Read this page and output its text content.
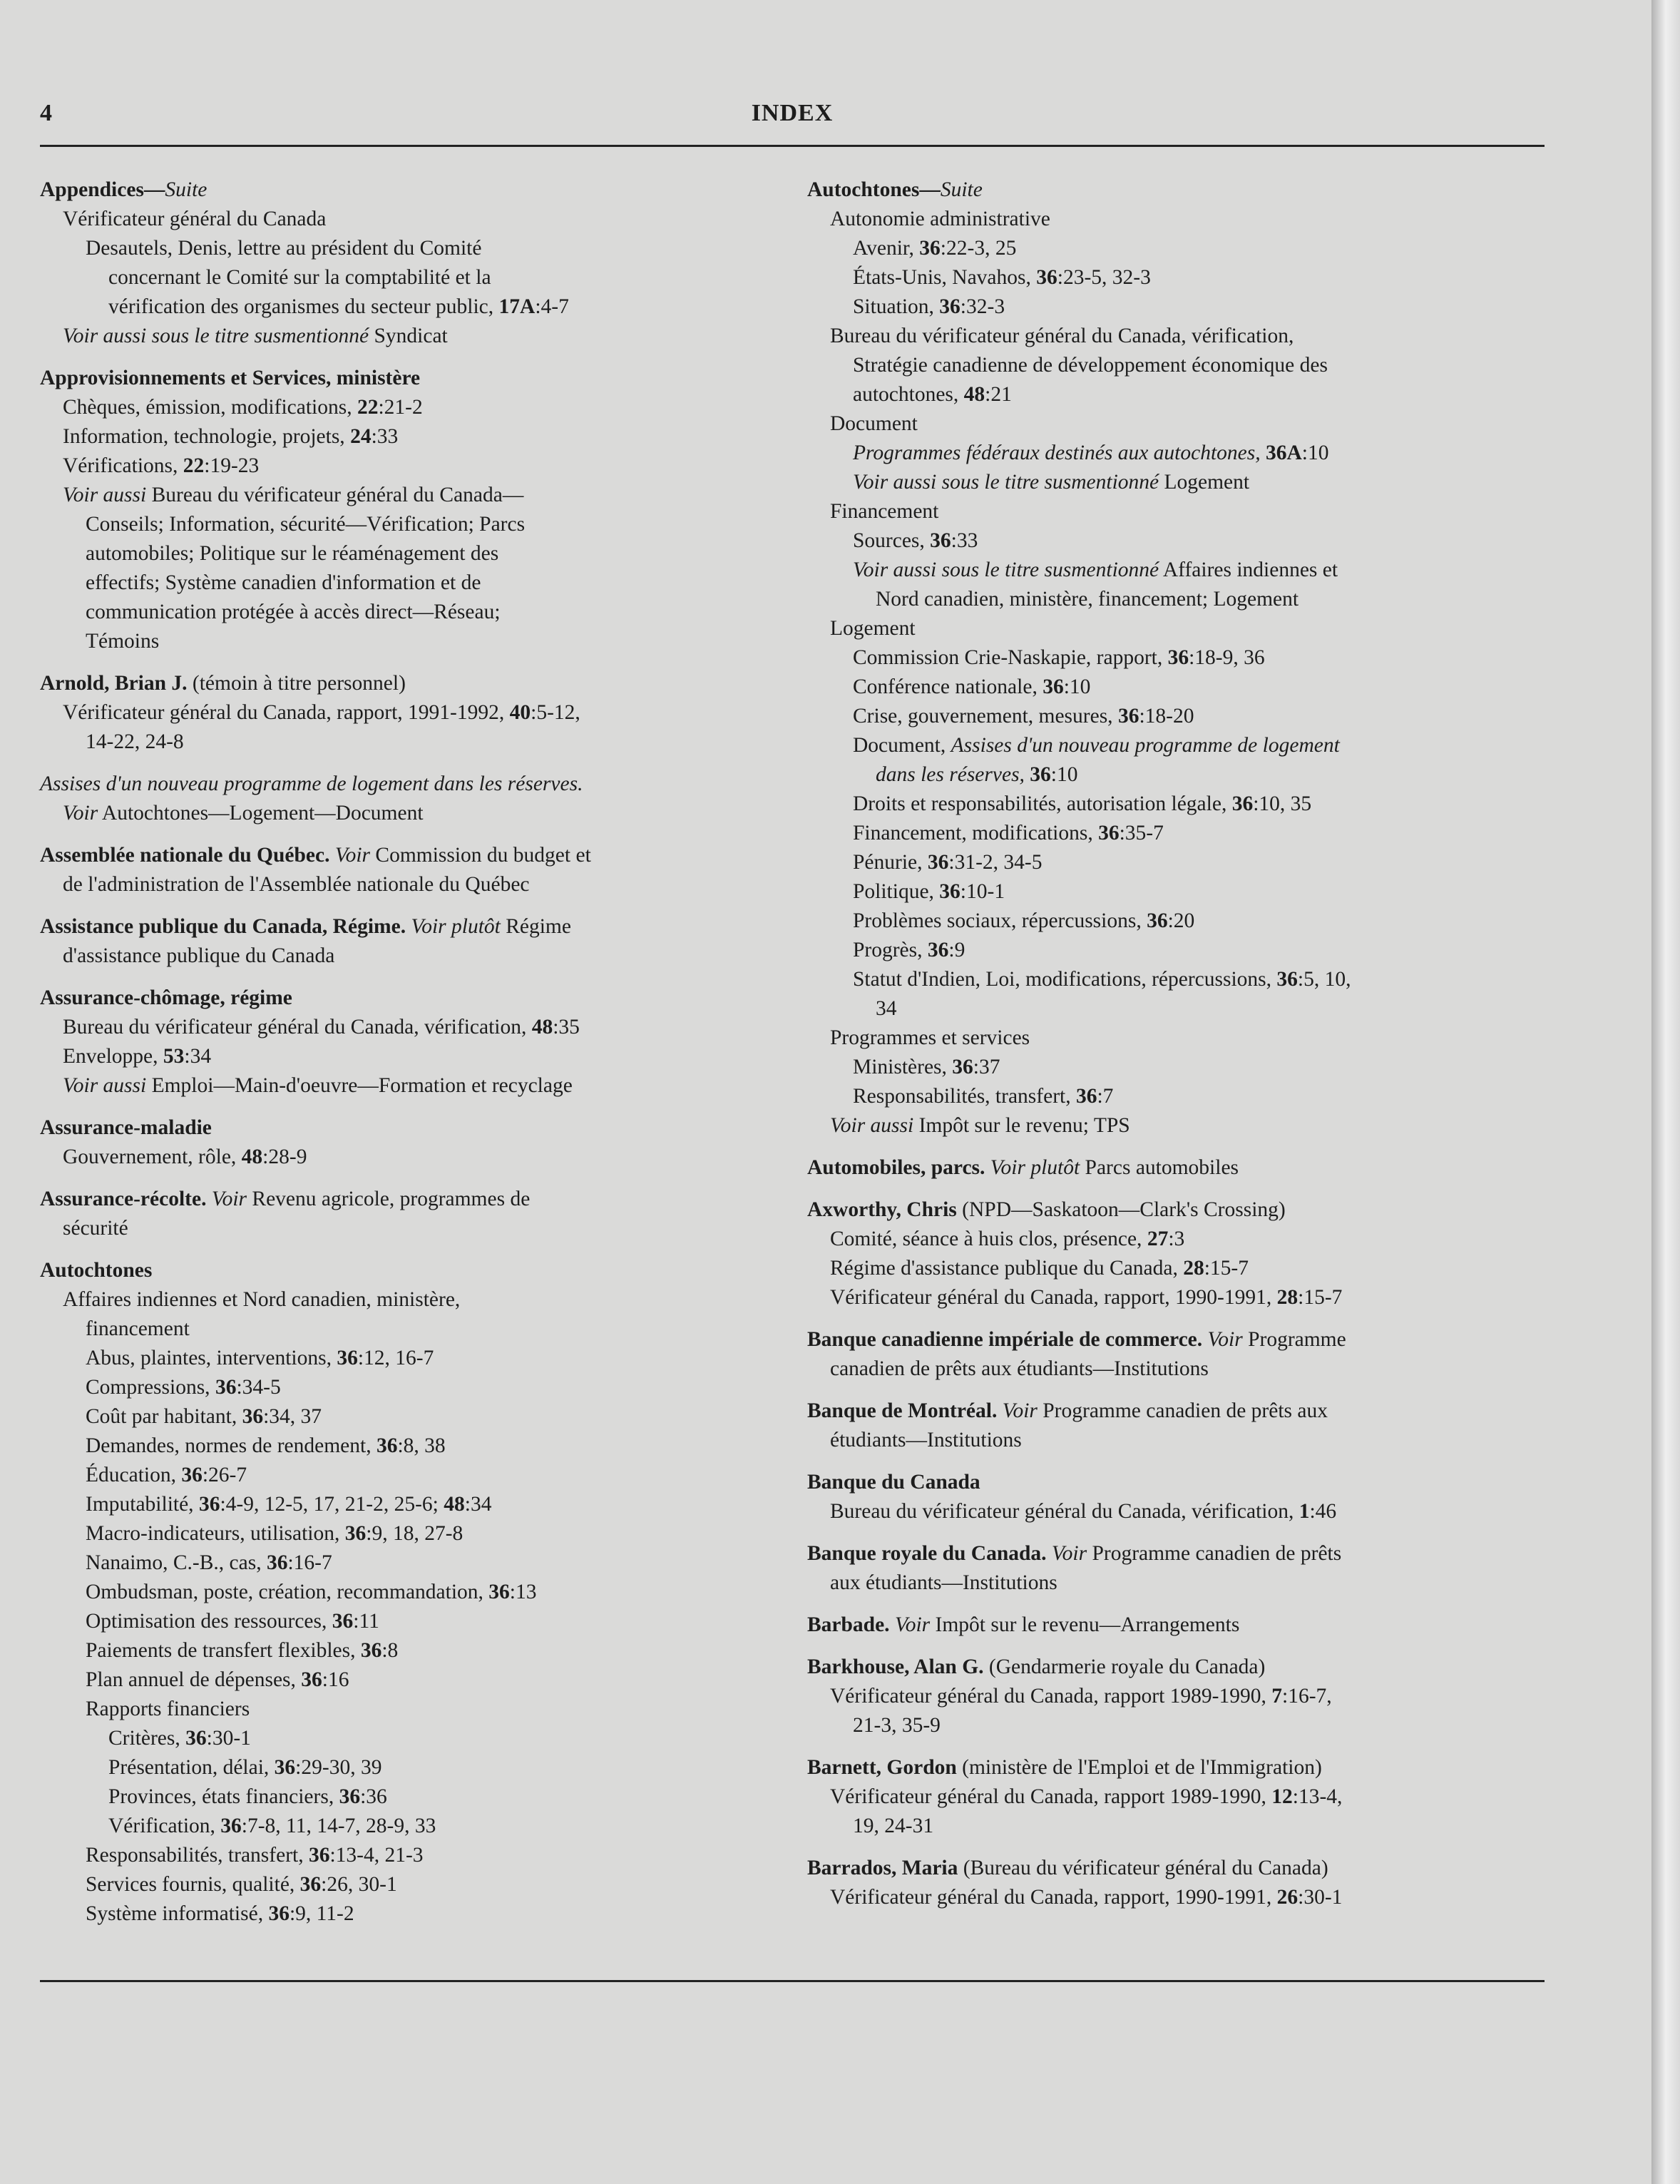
4	INDEX
Appendices—Suite
Vérificateur général du Canada
Desautels, Denis, lettre au président du Comité
concernant le Comité sur la comptabilité et la
vérification des organismes du secteur public, 17A:4-7
Voir aussi sous le titre susmentionné Syndicat
Approvisionnements et Services, ministère
Chèques, émission, modifications, 22:21-2
Information, technologie, projets, 24:33
Vérifications, 22:19-23
Voir aussi Bureau du vérificateur général du Canada—
Conseils; Information, sécurité—Vérification; Parcs
automobiles; Politique sur le réaménagement des
effectifs; Système canadien d'information et de
communication protégée à accès direct—Réseau;
Témoins
Arnold, Brian J. (témoin à titre personnel)
Vérificateur général du Canada, rapport, 1991-1992, 40:5-12,
14-22, 24-8
Assises d'un nouveau programme de logement dans les réserves.
Voir Autochtones—Logement—Document
Assemblée nationale du Québec. Voir Commission du budget et
de l'administration de l'Assemblée nationale du Québec
Assistance publique du Canada, Régime. Voir plutôt Régime
d'assistance publique du Canada
Assurance-chômage, régime
Bureau du vérificateur général du Canada, vérification, 48:35
Enveloppe, 53:34
Voir aussi Emploi—Main-d'oeuvre—Formation et recyclage
Assurance-maladie
Gouvernement, rôle, 48:28-9
Assurance-récolte. Voir Revenu agricole, programmes de
sécurité
Autochtones
Affaires indiennes et Nord canadien, ministère,
financement
Abus, plaintes, interventions, 36:12, 16-7
Compressions, 36:34-5
Coût par habitant, 36:34, 37
Demandes, normes de rendement, 36:8, 38
Éducation, 36:26-7
Imputabilité, 36:4-9, 12-5, 17, 21-2, 25-6; 48:34
Macro-indicateurs, utilisation, 36:9, 18, 27-8
Nanaimo, C.-B., cas, 36:16-7
Ombudsman, poste, création, recommandation, 36:13
Optimisation des ressources, 36:11
Paiements de transfert flexibles, 36:8
Plan annuel de dépenses, 36:16
Rapports financiers
Critères, 36:30-1
Présentation, délai, 36:29-30, 39
Provinces, états financiers, 36:36
Vérification, 36:7-8, 11, 14-7, 28-9, 33
Responsabilités, transfert, 36:13-4, 21-3
Services fournis, qualité, 36:26, 30-1
Système informatisé, 36:9, 11-2
Autochtones—Suite
Autonomie administrative
Avenir, 36:22-3, 25
États-Unis, Navahos, 36:23-5, 32-3
Situation, 36:32-3
Bureau du vérificateur général du Canada, vérification,
Stratégie canadienne de développement économique des
autochtones, 48:21
Document
Programmes fédéraux destinés aux autochtones, 36A:10
Voir aussi sous le titre susmentionné Logement
Financement
Sources, 36:33
Voir aussi sous le titre susmentionné Affaires indiennes et
Nord canadien, ministère, financement; Logement
Logement
Commission Crie-Naskapie, rapport, 36:18-9, 36
Conférence nationale, 36:10
Crise, gouvernement, mesures, 36:18-20
Document, Assises d'un nouveau programme de logement
dans les réserves, 36:10
Droits et responsabilités, autorisation légale, 36:10, 35
Financement, modifications, 36:35-7
Pénurie, 36:31-2, 34-5
Politique, 36:10-1
Problèmes sociaux, répercussions, 36:20
Progrès, 36:9
Statut d'Indien, Loi, modifications, répercussions, 36:5, 10,
34
Programmes et services
Ministères, 36:37
Responsabilités, transfert, 36:7
Voir aussi Impôt sur le revenu; TPS
Automobiles, parcs. Voir plutôt Parcs automobiles
Axworthy, Chris (NPD—Saskatoon—Clark's Crossing)
Comité, séance à huis clos, présence, 27:3
Régime d'assistance publique du Canada, 28:15-7
Vérificateur général du Canada, rapport, 1990-1991, 28:15-7
Banque canadienne impériale de commerce. Voir Programme
canadien de prêts aux étudiants—Institutions
Banque de Montréal. Voir Programme canadien de prêts aux
étudiants—Institutions
Banque du Canada
Bureau du vérificateur général du Canada, vérification, 1:46
Banque royale du Canada. Voir Programme canadien de prêts
aux étudiants—Institutions
Barbade. Voir Impôt sur le revenu—Arrangements
Barkhouse, Alan G. (Gendarmerie royale du Canada)
Vérificateur général du Canada, rapport 1989-1990, 7:16-7,
21-3, 35-9
Barnett, Gordon (ministère de l'Emploi et de l'Immigration)
Vérificateur général du Canada, rapport 1989-1990, 12:13-4,
19, 24-31
Barrados, Maria (Bureau du vérificateur général du Canada)
Vérificateur général du Canada, rapport, 1990-1991, 26:30-1
